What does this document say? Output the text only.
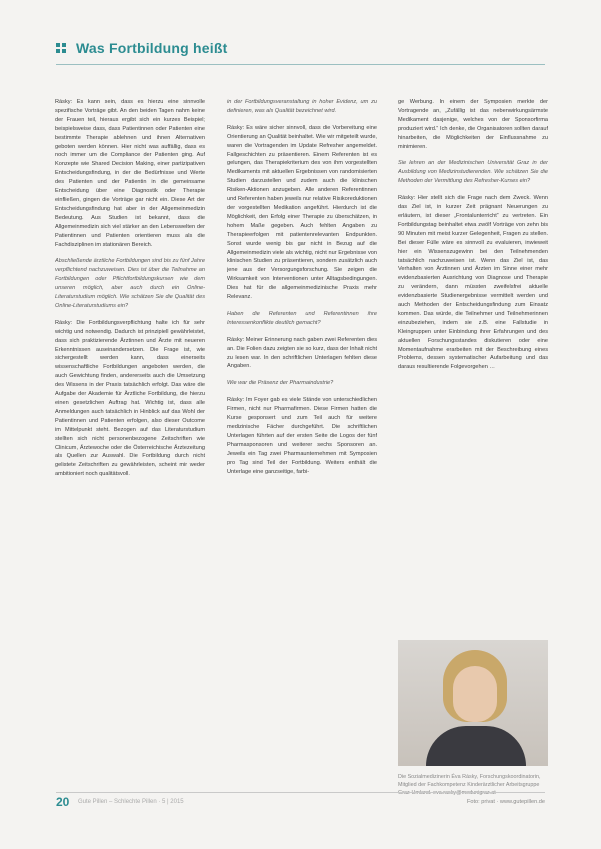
Was Fortbildung heißt

Rásky: Es kann sein, dass es hierzu eine sinnvolle spezifische Vorträge gibt. An den beiden Tagen nahm keine der Frauen teil, hieraus ergibt sich ein kurzes Beispiel; beispielsweise dass, dass Patientinnen oder Patienten eine bestimmte Therapie ablehnen und ihnen Alternativen geboten werden können. Hier nicht was auffällig, dass es noch immer um die Compliance der Patienten ging. Auf Konzepte wie Shared Decision Making, einer partizipativen Entscheidungsfindung, in der die Bedürfnisse und Werte des Patienten und der Patientin in die gemeinsame Entscheidung über eine Diagnostik oder Therapie einfließen, gingen die Vorträge gar nicht ein. Diese Art der Entscheidungsfindung hat aber in der Allgemeinmedizin Bedeutung. Aus Studien ist bekannt, dass die Allgemeinmedizin sich viel stärker an den Lebenswelten der Patientinnen und Patienten orientieren muss als die Fachdisziplinen im stationären Bereich.

Abschließende ärztliche Fortbildungen sind bis zu fünf Jahre verpflichtend nachzuweisen. Dies ist über die Teilnahme an Fortbildungen oder Pflichtfortbildungskursen wie dem unseren möglich, aber auch durch ein Online-Literaturstudium möglich. Wie schätzen Sie die Qualität des Online-Literaturstudiums ein?

Rásky: Die Fortbildungsverpflichtung halte ich für sehr wichtig und notwendig. Dadurch ist prinzipiell gewährleistet, dass sich praktizierende Ärztinnen und Ärzte mit neueren Erkenntnissen auseinandersetzen. Die Frage ist, wie sichergestellt werden kann, dass einerseits wissenschaftliche Fortbildungen angeboten werden, die auch Gewichtung finden, andererseits auch die Umsetzung des Wissens in der Praxis tatsächlich erfolgt. Das wäre die Aufgabe der Akademie für Ärztliche Fortbildung, die hierzu einen gesetzlichen Auftrag hat. Wichtig ist, dass alle Anmeldungen auch tatsächlich in Hinblick auf das Wohl der Patientinnen und Patienten erfolgen, also dieser Outcome im Mittelpunkt steht. Bezogen auf das Literaturstudium stellten sich nicht personenbezogene Zeitschriften wie Clinicum, Ärztewoche oder die Österreichische Ärztezeitung als Quellen zur Auswahl. Die Fortbildung durch nicht gelistete Zeitschriften zu gewährleisten, scheint mir weder ambitioniert noch qualitätsvoll.

in der Fortbildungsveranstaltung in hoher Evidenz, um zu definieren, was als Qualität bezeichnet wird.

Rásky: Es wäre sicher sinnvoll, dass die Vorbereitung eine Orientierung an Qualität beinhaltet. Wie wir mitgeteilt wurde, waren die Vortragenden im Update Refresher angemeldet. Fallgeschichten zu präsentieren. Einem Referenten ist es gelungen, das Therapiekriterium des von ihm vorgestellten Medikaments mit aktuellen Ergebnissen von randomisierten Studien darzustellen und zudem auch die klinischen Risiken-Aktionen anzugeben. Alle anderen Referentinnen und Referenten haben jeweils nur relative Risikoreduktionen der vorgestellten Medikation angeführt. Hierdurch ist die Möglichkeit, den Erfolg einer Therapie zu überschätzen, in hohem Maße gegeben. Auch fehlten Angaben zu Therapieerfolgen mit patientenrelevanten Endpunkten. Sonst wurde wenig bis gar nicht in Bezug auf die Allgemeinmedizin viele als wichtig, nicht nur Ergebnisse von klinischen Studien zu präsentieren, sondern zusätzlich auch jene aus der Versorgungsforschung. Sie zeigen die Wirksamkeit von Interventionen unter Alltagsbedingungen. Dies hat für die allgemeinmedizinische Praxis mehr Relevanz.

Haben die Referenten und Referentinnen ihre Interessenkonflikte deutlich gemacht?

Rásky: Meiner Erinnerung nach gaben zwei Referenten dies an. Die Folien dazu zeigten sie so kurz, dass der Inhalt nicht zu lesen war. In den schriftlichen Unterlagen fehlten diese Angaben.

Wie war die Präsenz der Pharmaindustrie?

Rásky: Im Foyer gab es viele Stände von unterschiedlichen Firmen, nicht nur Pharmafirmen. Diese Firmen hatten die Kurse gesponsert und zum Teil auch für weitere medizinische Fächer durchgeführt. Die schriftlichen Unterlagen führten auf der ersten Seite die Logos der fünf Pharmasponsoren und weiterer sechs Sponsoren an. Jeweils ein Tag zwei Pharmaunternehmen mit Symposien pro Tag sind Teil der Fortbildung. Weiters enthält die Unterlage eine ganzseitige, farbi-

ge Werbung. In einem der Symposien merkte der Vortragende an, „Zufällig ist das nebenwirkungsärmste Medikament dasjenige, welches von der Sponsorfirma produziert wird.“ Ich denke, die Organisatoren sollten darauf hinarbeiten, die Möglichkeiten der Einflussnahme zu minimieren.

Sie lehren an der Medizinischen Universität Graz in der Ausbildung von Medizinstudierenden. Wie schätzen Sie die Methoden der Vermittlung des Refresher-Kurses ein?

Rásky: Hier stellt sich die Frage nach dem Zweck. Wenn das Ziel ist, in kurzer Zeit prägnant Neuerungen zu erläutern, ist dieser „Frontalunterricht“ zu vertreten. Ein Fortbildungstag beinhaltet etwa zwölf Vorträge von zehn bis 90 Minuten mit meist kurzer Gelegenheit, Fragen zu stellen. Bei dieser Fülle wäre es sinnvoll zu evaluieren, inwieweit hier ein Wissenszugewinn bei den Teilnehmenden tatsächlich nachzuweisen ist. Wenn das Ziel ist, das Verhalten von Ärztinnen und Ärzten im Sinne einer mehr evidenzbasierten Ausrichtung von Diagnose und Therapie zu verändern, dann müssten zweifelsfrei aktuelle evidenzbasierte Studienergebnisse vermittelt werden und auch Methoden der Entscheidungsfindung zum Einsatz kommen. Das würde, die Teilnehmer und Teilnehmerinnen einzubeziehen, indem sie z.B. eine Fallstudie in Kleingruppen unter Einbindung ihrer Erfahrungen und des aktuellen Forschungsstandes diskutieren oder eine Momentaufnahme erarbeiten mit der Beschreibung eines Problems, dessen systematischer Aufarbeitung und das daraus resultierende Folgevorgehen …

Die Sozialmedizinerin Éva Rásky, Forschungskoordinatorin, Mitglied der Fachkompetenz Kinderärztlicher Arbeitsgruppe Graz-Umland. eva.rasky@medunigraz.at
20 Gute Pillen – Schlechte Pillen · 5 | 2015	Foto: privat · www.gutepillen.de
